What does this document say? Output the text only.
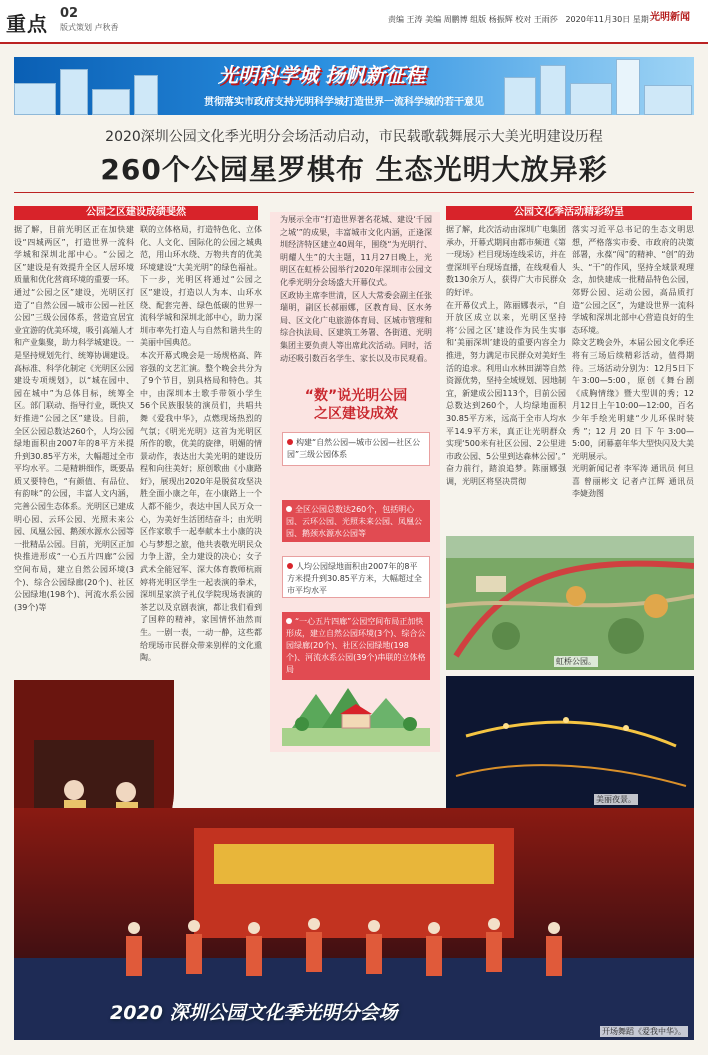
重点 02
版式策划 卢秋香
责编 王涛 美编 周鹏博 组版 杨振辉 校对 王雨莎 2020年11月30日 星期一
光明新闻
光明科学城 扬帆新征程
贯彻落实市政府支持光明科学城打造世界一流科学城的若干意见
2020深圳公园文化季光明分会场活动启动，市民载歌载舞展示大美光明建设历程
260个公园星罗棋布 生态光明大放异彩
公园之区建设成绩斐然
据了解，目前光明区正在加快建设“四城两区”，打造世界一流科学城和深圳北部中心。“公园之区”建设是有效提升全区人居环境质量和优化营商环境的重要一环。通过“公园之区”建设，光明区打造了“自然公园—城市公园—社区公园”三级公园体系，营造宜居宜业宜游的优美环境，吸引高端人才和产业集聚，助力科学城建设。一是坚持规划先行、统筹协调建设。高标准、科学化制定《光明区公园建设专项规划》，以“城在园中、园在城中”为总体目标，统筹全区。部门联动、指导行业，既快又好推进“公园之区”建设。目前，全区公园总数达260个，人均公园绿地面积由2007年的8平方米提升到30.85平方米，大幅超过全市平均水平。二是精耕细作，既要品质又要特色，“有颜值、有品位、有韵味”的公园，丰富人文内涵，完善公园生态体系。光明区已建成明心园、云环公园、光照未来公园、凤凰公园、鹅颈水源水公园等一批精品公园。目前，光明区正加快推进形成“一心五片四廊”公园空间布局，建立自然公园环境(3个)、综合公园绿廊(20个)、社区公园绿地(198个)、河流水系公园(39个)等
联的立体格局，打造特色化、立体化、人文化、国际化的公园之城典范，用山环水绕、万物共育的优美环境建设“大美光明”的绿色福祉。下一步，光明区将通过“公园之区”建设，打造以人为本、山环水绕、配套完善、绿色低碳的世界一流科学城和深圳北部中心，助力深圳市率先打造人与自然和谐共生的美丽中国典范。
本次开幕式晚会是一场规格高、阵容强的文艺汇演。整个晚会共分为了9个节目，别具格局和特色。其中，由深圳本土歌手带领小学生56个民族服装的演员们，共唱共舞《爱我中华》，点燃现场热烈的气氛；《明光光明》这首为光明区所作的歌，优美的旋律，明媚的情景动作，表达出大美光明的建设历程和向往美好；原创歌曲《小康路好》，展现出2020年是脱贫攻坚决胜全面小康之年，在小康路上一个人都不能少，表达中国人民万众一心，为美好生活团结奋斗；由光明区作家歌手一起奉献本土小康的决心与梦想之旅，他共表敬光明民众力争上游，全力建设的决心；女子武术全能冠军、深大体育教师杭雨婷将光明区学生一起表演的拳术，深圳星家滨子礼仪学院现场表演的茶艺以及京剧表演，都让我们看到了国粹的精神，家国情怀油然而生。一剧一表，一动一静，这些都给现场市民群众带来别样的文化熏陶。
为展示全市“打造世界著名花城、建设‘千园之城’”的成果，丰富城市文化内涵，正逢深圳经济特区建立40周年，围绕“为光明行、明耀人生”的大主题，11月27日晚上，光明区在虹桥公园举行2020年深圳市公园文化季光明分会场盛大开幕仪式。
区政协主席李世清，区人大常委会副主任张瑞明，副区长郝丽娜，区教育局、区水务局、区文化广电旅游体育局、区城市管理和综合执法局、区建筑工务署、各街道、光明集团主要负责人等出席此次活动。同时，活动还吸引数百名学生、家长以及市民观看。
“数”说光明公园
之区建设成效
构建“自然公园—城市公园—社区公园”三级公园体系
全区公园总数达260个，包括明心园、云环公园、光照未来公园、凤凰公园、鹅颈水源水公园等
人均公园绿地面积由2007年的8平方米提升到30.85平方米，大幅超过全市平均水平
“一心五片四廊”公园空间布局正加快形成，建立自然公园环境(3个)、综合公园绿廊(20个)、社区公园绿地(198个)、河流水系公园(39个)串联的立体格局
公园文化季活动精彩纷呈
据了解，此次活动由深圳广电集团承办，开幕式期间由都市频道《第一现场》栏目现场连线采访，并在壹深圳平台现场直播，在线观看人数130余万人，获得广大市民群众的好评。
在开幕仪式上，陈丽娜表示，“自开放区成立以来，光明区坚持将‘公园之区’建设作为民生实事和‘美丽深圳’建设的重要内容全力推进，努力满足市民群众对美好生活的追求。利用山水林田湖等自然资源优势，坚持全域规划、因地制宜，新建成公园113个，目前公园总数达到260个，人均绿地面积30.85平方米，远高于全市人均水平14.9平方米，真正让光明群众实现‘500米有社区公园、2公里进市政公园、5公里到达森林公园’。”
奋力前行，踏浪追梦。陈丽娜强调，光明区将坚决贯彻
落实习近平总书记的生态文明思想，严格落实市委、市政府的决策部署，永葆“闯”的精神、“创”的劲头、“干”的作风，坚持全域景观理念，加快建成一批精品特色公园，郊野公园、运动公园，高品质打造“公园之区”，为建设世界一流科学城和深圳北部中心营造良好的生态环境。
除文艺晚会外，本届公园文化季还将有三场后续精彩活动，值得期待。三场活动分别为：12月5日下午3:00—5:00，原创《舞台剧《成胸情缘》暨大型训的秀；12月12日上午10:00—12:00，百名少年手绘光明建“少儿环保时装秀”；12月20日下午3:00—5:00，闭幕嘉年华大型快闪及大美光明展示。
光明新闻记者 李军涛 通讯员 何旦喜 曾丽彬文 记者卢江辉 通讯员 李婕劲图
虹桥公园。
美丽夜景。
2020 深圳公园文化季光明分会场
开场舞蹈《爱我中华》。
